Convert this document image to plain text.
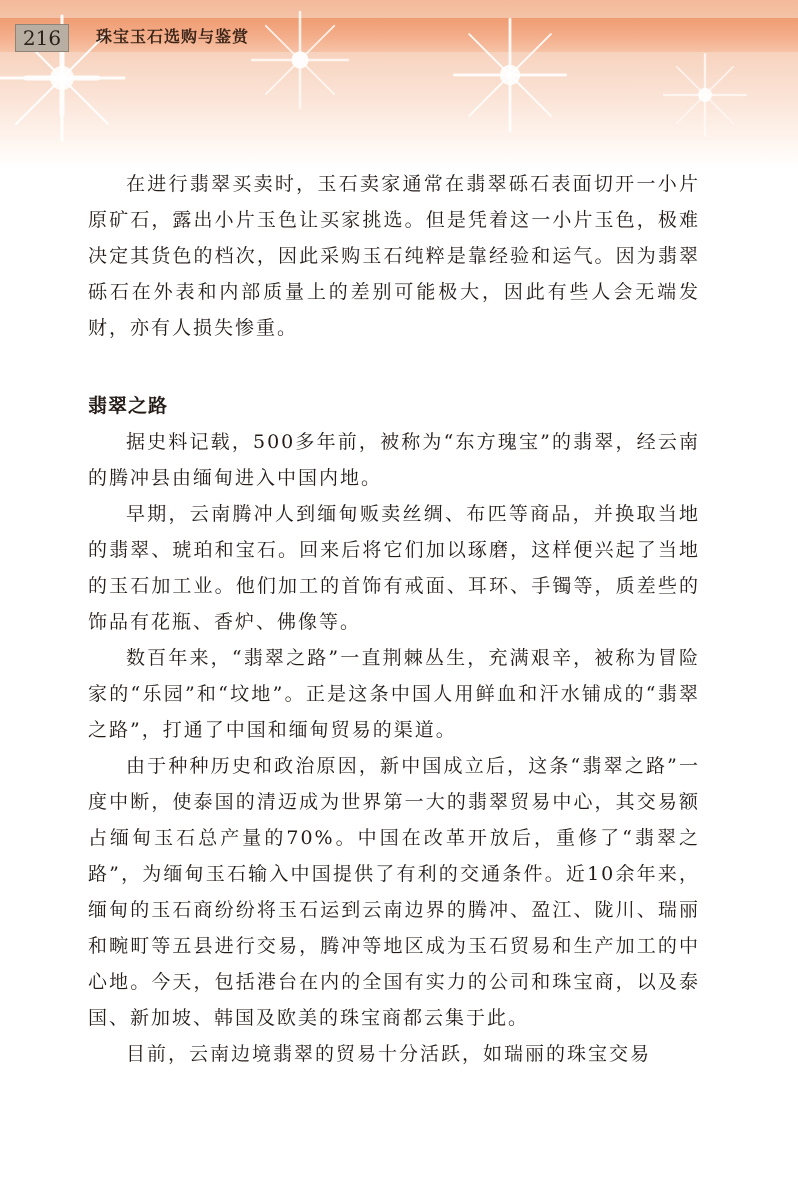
216	珠宝玉石选购与鉴赏

在进行翡翠买卖时，玉石卖家通常在翡翠砾石表面切开一小片原矿石，露出小片玉色让买家挑选。但是凭着这一小片玉色，极难决定其货色的档次，因此采购玉石纯粹是靠经验和运气。因为翡翠砾石在外表和内部质量上的差别可能极大，因此有些人会无端发财，亦有人损失惨重。

翡翠之路

据史料记载，500多年前，被称为“东方瑰宝”的翡翠，经云南的腾冲县由缅甸进入中国内地。

早期，云南腾冲人到缅甸贩卖丝绸、布匹等商品，并换取当地的翡翠、琥珀和宝石。回来后将它们加以琢磨，这样便兴起了当地的玉石加工业。他们加工的首饰有戒面、耳环、手镯等，质差些的饰品有花瓶、香炉、佛像等。

数百年来，“翡翠之路”一直荆棘丛生，充满艰辛，被称为冒险家的“乐园”和“坟地”。正是这条中国人用鲜血和汗水铺成的“翡翠之路”，打通了中国和缅甸贸易的渠道。

由于种种历史和政治原因，新中国成立后，这条“翡翠之路”一度中断，使泰国的清迈成为世界第一大的翡翠贸易中心，其交易额占缅甸玉石总产量的70%。中国在改革开放后，重修了“翡翠之路”，为缅甸玉石输入中国提供了有利的交通条件。近10余年来，缅甸的玉石商纷纷将玉石运到云南边界的腾冲、盈江、陇川、瑞丽和畹町等五县进行交易，腾冲等地区成为玉石贸易和生产加工的中心地。今天，包括港台在内的全国有实力的公司和珠宝商，以及泰国、新加坡、韩国及欧美的珠宝商都云集于此。

目前，云南边境翡翠的贸易十分活跃，如瑞丽的珠宝交易
